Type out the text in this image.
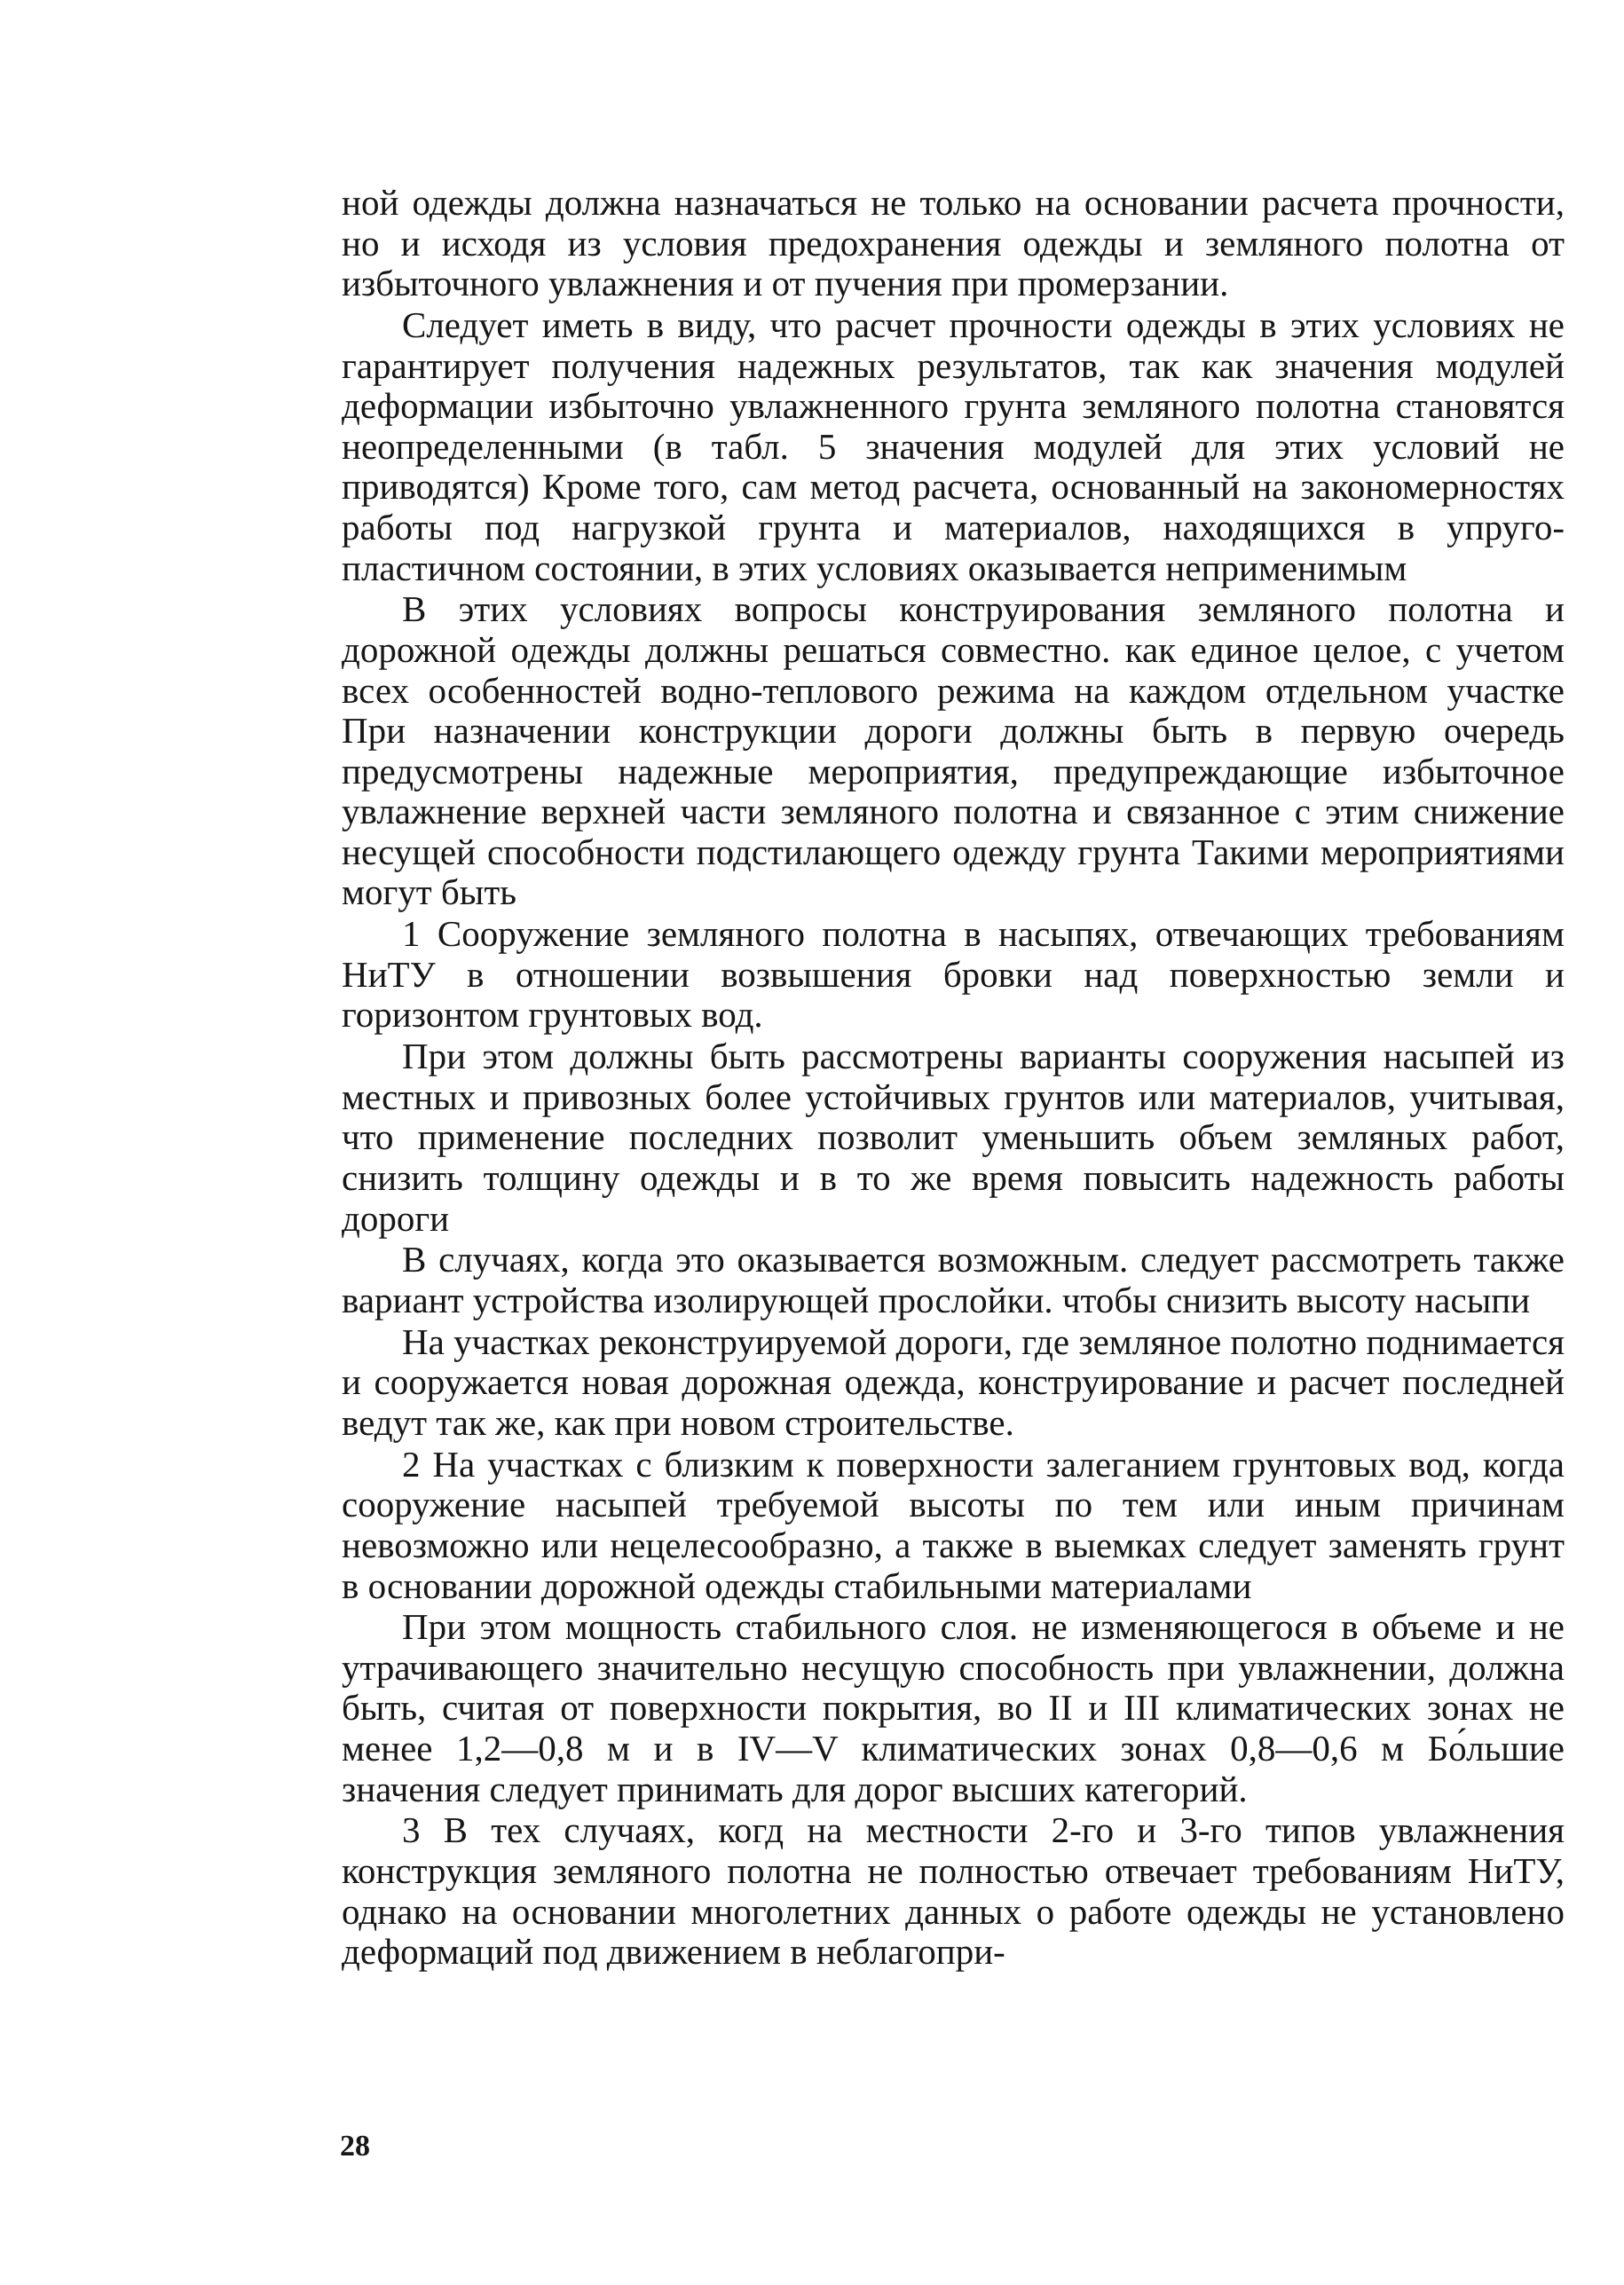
ной одежды должна назначаться не только на основании расчета прочности, но и исходя из условия предохранения одежды и земляного полотна от избыточного увлажнения и от пучения при промерзании.

Следует иметь в виду, что расчет прочности одежды в этих условиях не гарантирует получения надежных результатов, так как значения модулей деформации избыточно увлажненного грунта земляного полотна становятся неопределенными (в табл. 5 значения модулей для этих условий не приводятся) Кроме того, сам метод расчета, основанный на закономерностях работы под нагрузкой грунта и материалов, находящихся в упруго-пластичном состоянии, в этих условиях оказывается неприменимым

В этих условиях вопросы конструирования земляного полотна и дорожной одежды должны решаться совместно. как единое целое, с учетом всех особенностей водно-теплового режима на каждом отдельном участке При назначении конструкции дороги должны быть в первую очередь предусмотрены надежные мероприятия, предупреждающие избыточное увлажнение верхней части земляного полотна и связанное с этим снижение несущей способности подстилающего одежду грунта Такими мероприятиями могут быть

1 Сооружение земляного полотна в насыпях, отвечающих требованиям НиТУ в отношении возвышения бровки над поверхностью земли и горизонтом грунтовых вод.

При этом должны быть рассмотрены варианты сооружения насыпей из местных и привозных более устойчивых грунтов или материалов, учитывая, что применение последних позволит уменьшить объем земляных работ, снизить толщину одежды и в то же время повысить надежность работы дороги

В случаях, когда это оказывается возможным. следует рассмотреть также вариант устройства изолирующей прослойки. чтобы снизить высоту насыпи

На участках реконструируемой дороги, где земляное полотно поднимается и сооружается новая дорожная одежда, конструирование и расчет последней ведут так же, как при новом строительстве.

2 На участках с близким к поверхности залеганием грунтовых вод, когда сооружение насыпей требуемой высоты по тем или иным причинам невозможно или нецелесообразно, а также в выемках следует заменять грунт в основании дорожной одежды стабильными материалами

При этом мощность стабильного слоя. не изменяющегося в объеме и не утрачивающего значительно несущую способность при увлажнении, должна быть, считая от поверхности покрытия, во II и III климатических зонах не менее 1,2—0,8 м и в IV—V климатических зонах 0,8—0,6 м Бо́льшие значения следует принимать для дорог высших категорий.

3 В тех случаях, когд на местности 2-го и 3-го типов увлажнения конструкция земляного полотна не полностью отвечает требованиям НиТУ, однако на основании многолетних данных о работе одежды не установлено деформаций под движением в неблагопри-

28
